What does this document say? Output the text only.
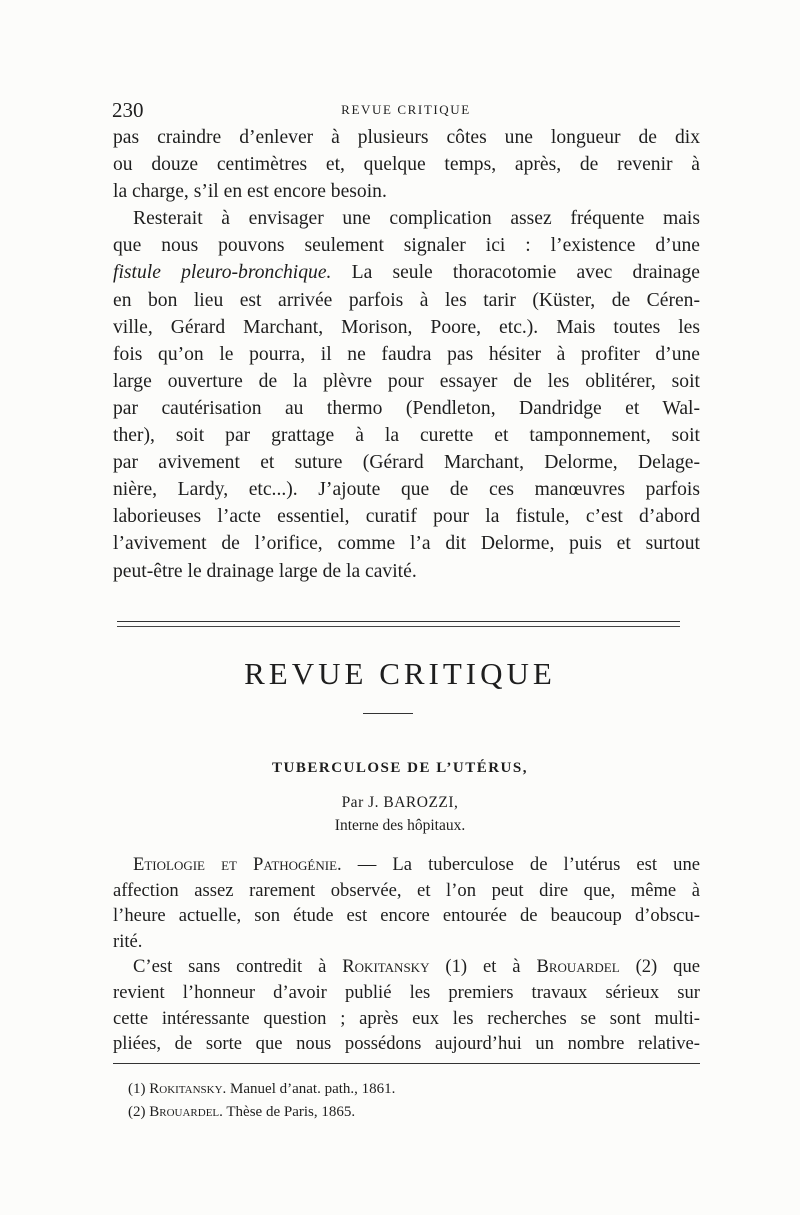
230	REVUE CRITIQUE

pas craindre d’enlever à plusieurs côtes une longueur de dix
ou douze centimètres et, quelque temps, après, de revenir à
la charge, s’il en est encore besoin.

Resterait à envisager une complication assez fréquente mais
que nous pouvons seulement signaler ici : l’existence d’une
fistule pleuro-bronchique. La seule thoracotomie avec drainage
en bon lieu est arrivée parfois à les tarir (Küster, de Céren-
ville, Gérard Marchant, Morison, Poore, etc.). Mais toutes les
fois qu’on le pourra, il ne faudra pas hésiter à profiter d’une
large ouverture de la plèvre pour essayer de les oblitérer, soit
par cautérisation au thermo (Pendleton, Dandridge et Wal-
ther), soit par grattage à la curette et tamponnement, soit
par avivement et suture (Gérard Marchant, Delorme, Delage-
nière, Lardy, etc...). J’ajoute que de ces manœuvres parfois
laborieuses l’acte essentiel, curatif pour la fistule, c’est d’abord
l’avivement de l’orifice, comme l’a dit Delorme, puis et surtout
peut-être le drainage large de la cavité.

REVUE CRITIQUE
TUBERCULOSE DE L’UTÉRUS,
Par J. BAROZZI,
Interne des hôpitaux.

Etiologie et Pathogénie. — La tuberculose de l’utérus est une
affection assez rarement observée, et l’on peut dire que, même à
l’heure actuelle, son étude est encore entourée de beaucoup d’obscu-
rité.

C’est sans contredit à Rokitansky (1) et à Brouardel (2) que
revient l’honneur d’avoir publié les premiers travaux sérieux sur
cette intéressante question ; après eux les recherches se sont multi-
pliées, de sorte que nous possédons aujourd’hui un nombre relative-

(1) Rokitansky. Manuel d’anat. path., 1861.
(2) Brouardel. Thèse de Paris, 1865.
